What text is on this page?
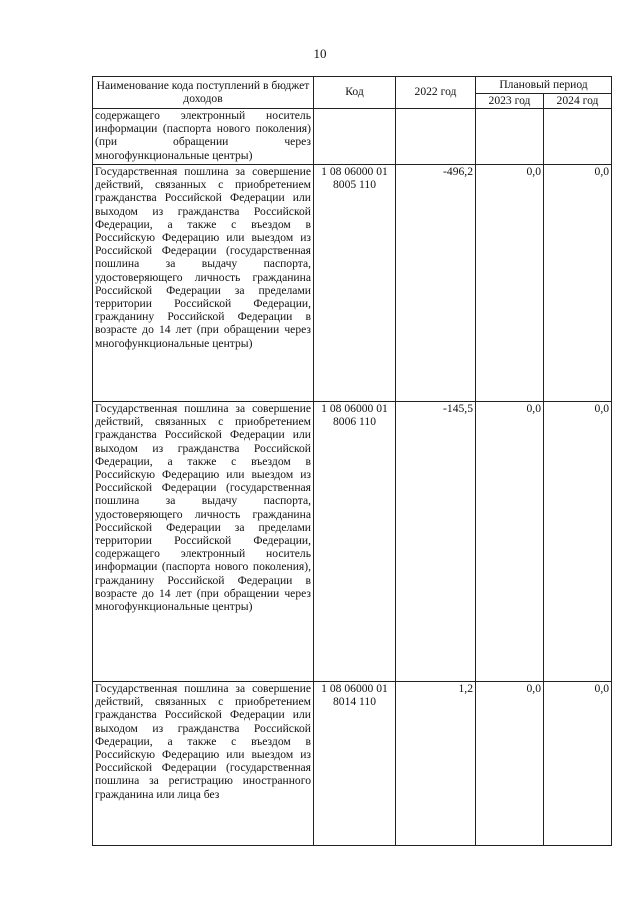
10
Наименование кода поступлений в бюджет доходов	Код	2022 год	Плановый период	
			2023 год	2024 год
содержащего электронный носитель информации (паспорта нового поколения) (при обращении через многофункциональные центры)				
Государственная пошлина за совершение действий, связанных с приобретением гражданства Российской Федерации или выходом из гражданства Российской Федерации, а также с въездом в Российскую Федерацию или выездом из Российской Федерации (государственная пошлина за выдачу паспорта, удостоверяющего личность гражданина Российской Федерации за пределами территории Российской Федерации, гражданину Российской Федерации в возрасте до 14 лет (при обращении через многофункциональные центры)	1 08 06000 01 8005 110	-496,2	0,0	0,0
Государственная пошлина за совершение действий, связанных с приобретением гражданства Российской Федерации или выходом из гражданства Российской Федерации, а также с въездом в Российскую Федерацию или выездом из Российской Федерации (государственная пошлина за выдачу паспорта, удостоверяющего личность гражданина Российской Федерации за пределами территории Российской Федерации, содержащего электронный носитель информации (паспорта нового поколения), гражданину Российской Федерации в возрасте до 14 лет (при обращении через многофункциональные центры)	1 08 06000 01 8006 110	-145,5	0,0	0,0
Государственная пошлина за совершение действий, связанных с приобретением гражданства Российской Федерации или выходом из гражданства Российской Федерации, а также с въездом в Российскую Федерацию или выездом из Российской Федерации (государственная пошлина за регистрацию иностранного гражданина или лица без	1 08 06000 01 8014 110	1,2	0,0	0,0
